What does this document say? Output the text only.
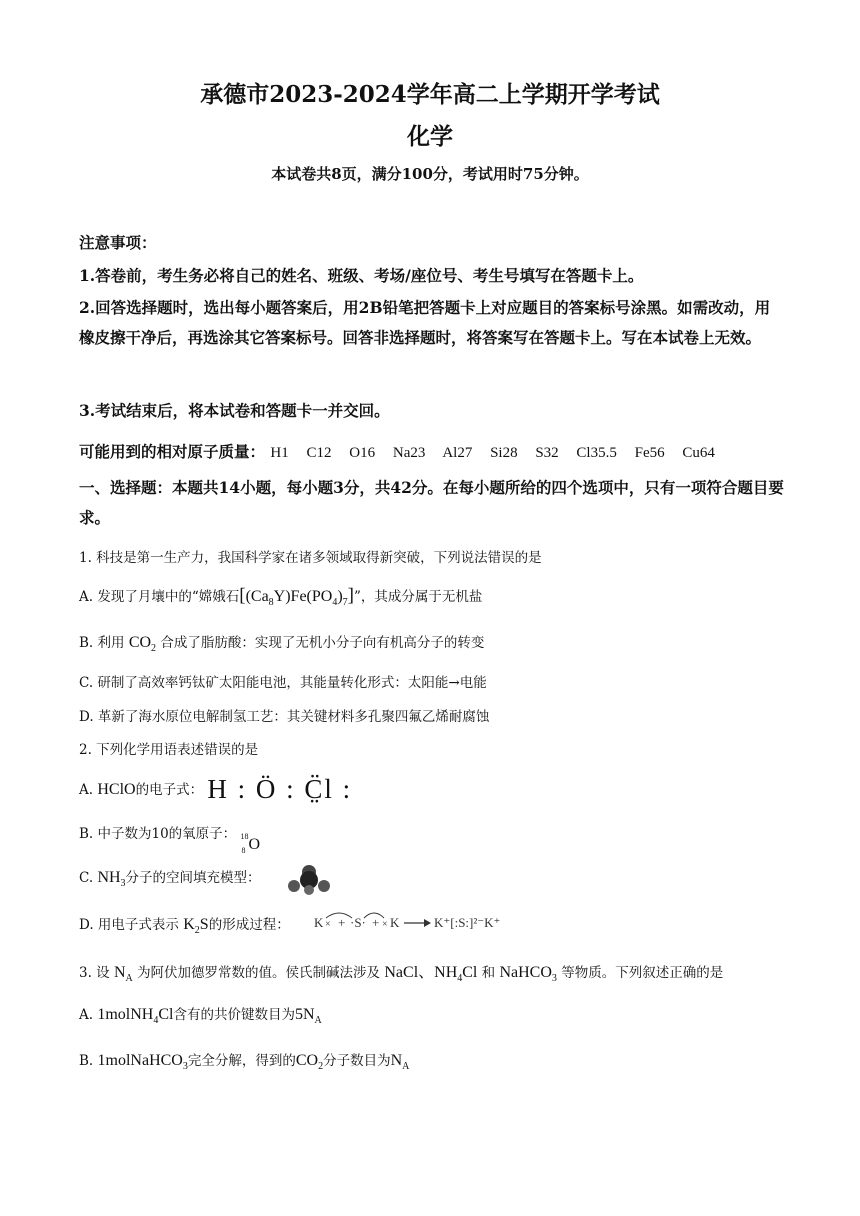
承德市2023-2024学年高二上学期开学考试
化学
本试卷共8页，满分100分，考试用时75分钟。
注意事项：
1.答卷前，考生务必将自己的姓名、班级、考场/座位号、考生号填写在答题卡上。
2.回答选择题时，选出每小题答案后，用2B铅笔把答题卡上对应题目的答案标号涂黑。如需改动，用橡皮擦干净后，再选涂其它答案标号。回答非选择题时，将答案写在答题卡上。写在本试卷上无效。
3.考试结束后，将本试卷和答题卡一并交回。
可能用到的相对原子质量： H1 C12 O16 Na23 Al27 Si28 S32 Cl35.5 Fe56 Cu64
一、选择题：本题共14小题，每小题3分，共42分。在每小题所给的四个选项中，只有一项符合题目要求。
1. 科技是第一生产力，我国科学家在诸多领域取得新突破，下列说法错误的是
A. 发现了月壤中的“嫦娥石$[(Ca_8Y)Fe(PO_4)_7]$”，其成分属于无机盐
B. 利用 $CO_2$ 合成了脂肪酸：实现了无机小分子向有机高分子的转变
C. 研制了高效率钙钛矿太阳能电池，其能量转化形式：太阳能→电能
D. 革新了海水原位电解制氢工艺：其关键材料多孔聚四氟乙烯耐腐蚀
2. 下列化学用语表述错误的是
A. HClO的电子式： H : Ö : C̤̈l :
B. 中子数为10的氧原子： 18
8 O
C. $NH_3$分子的空间填充模型：
D. 用电子式表示 $K_2S$的形成过程： K × + ·S· + × K	K⁺[:S:]²⁻K⁺
3. 设 $N_A$ 为阿伏加德罗常数的值。侯氏制碱法涉及 NaCl、$NH_4Cl$ 和 NaHCO$_3$ 等物质。下列叙述正确的是
A. 1molNH$_4$Cl含有的共价键数目为$5N_A$
B. 1molNaHCO$_3$完全分解，得到的$CO_2$分子数目为$N_A$
